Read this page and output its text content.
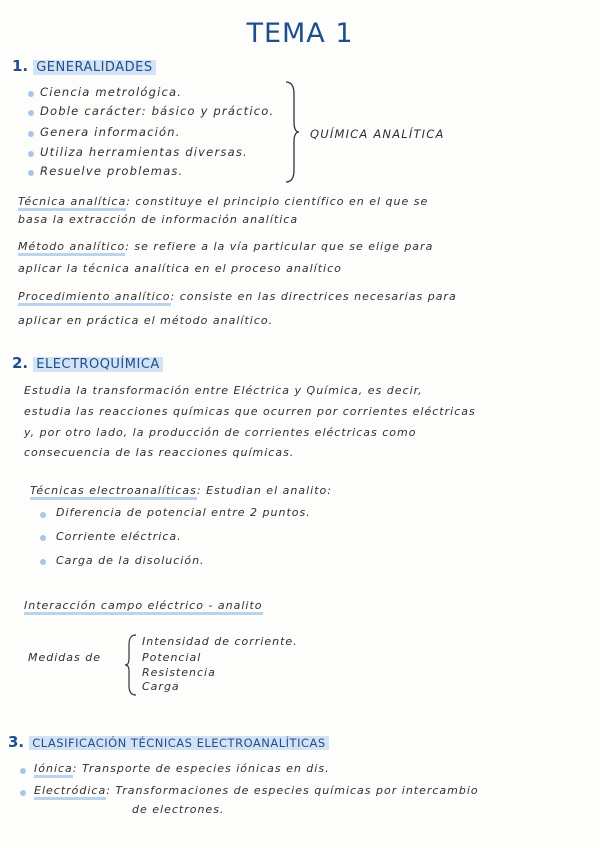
TEMA 1
1. GENERALIDADES
Ciencia metrológica.
Doble carácter: básico y práctico.
Genera información.
Utiliza herramientas diversas.
Resuelve problemas.
QUÍMICA ANALÍTICA
Técnica analítica: constituye el principio científico en el que se
basa la extracción de información analítica
Método analítico: se refiere a la vía particular que se elige para
aplicar la técnica analítica en el proceso analítico
Procedimiento analítico: consiste en las directrices necesarias para
aplicar en práctica el método analítico.
2. ELECTROQUÍMICA
Estudia la transformación entre Eléctrica y Química, es decir,
estudia las reacciones químicas que ocurren por corrientes eléctricas
y, por otro lado, la producción de corrientes eléctricas como
consecuencia de las reacciones químicas.
Técnicas electroanalíticas: Estudian el analito:
Diferencia de potencial entre 2 puntos.
Corriente eléctrica.
Carga de la disolución.
Interacción campo eléctrico - analito
Medidas de
Intensidad de corriente.
Potencial
Resistencia
Carga
3. CLASIFICACIÓN TÉCNICAS ELECTROANALÍTICAS
Iónica: Transporte de especies iónicas en dis.
Electródica: Transformaciones de especies químicas por intercambio
de electrones.
